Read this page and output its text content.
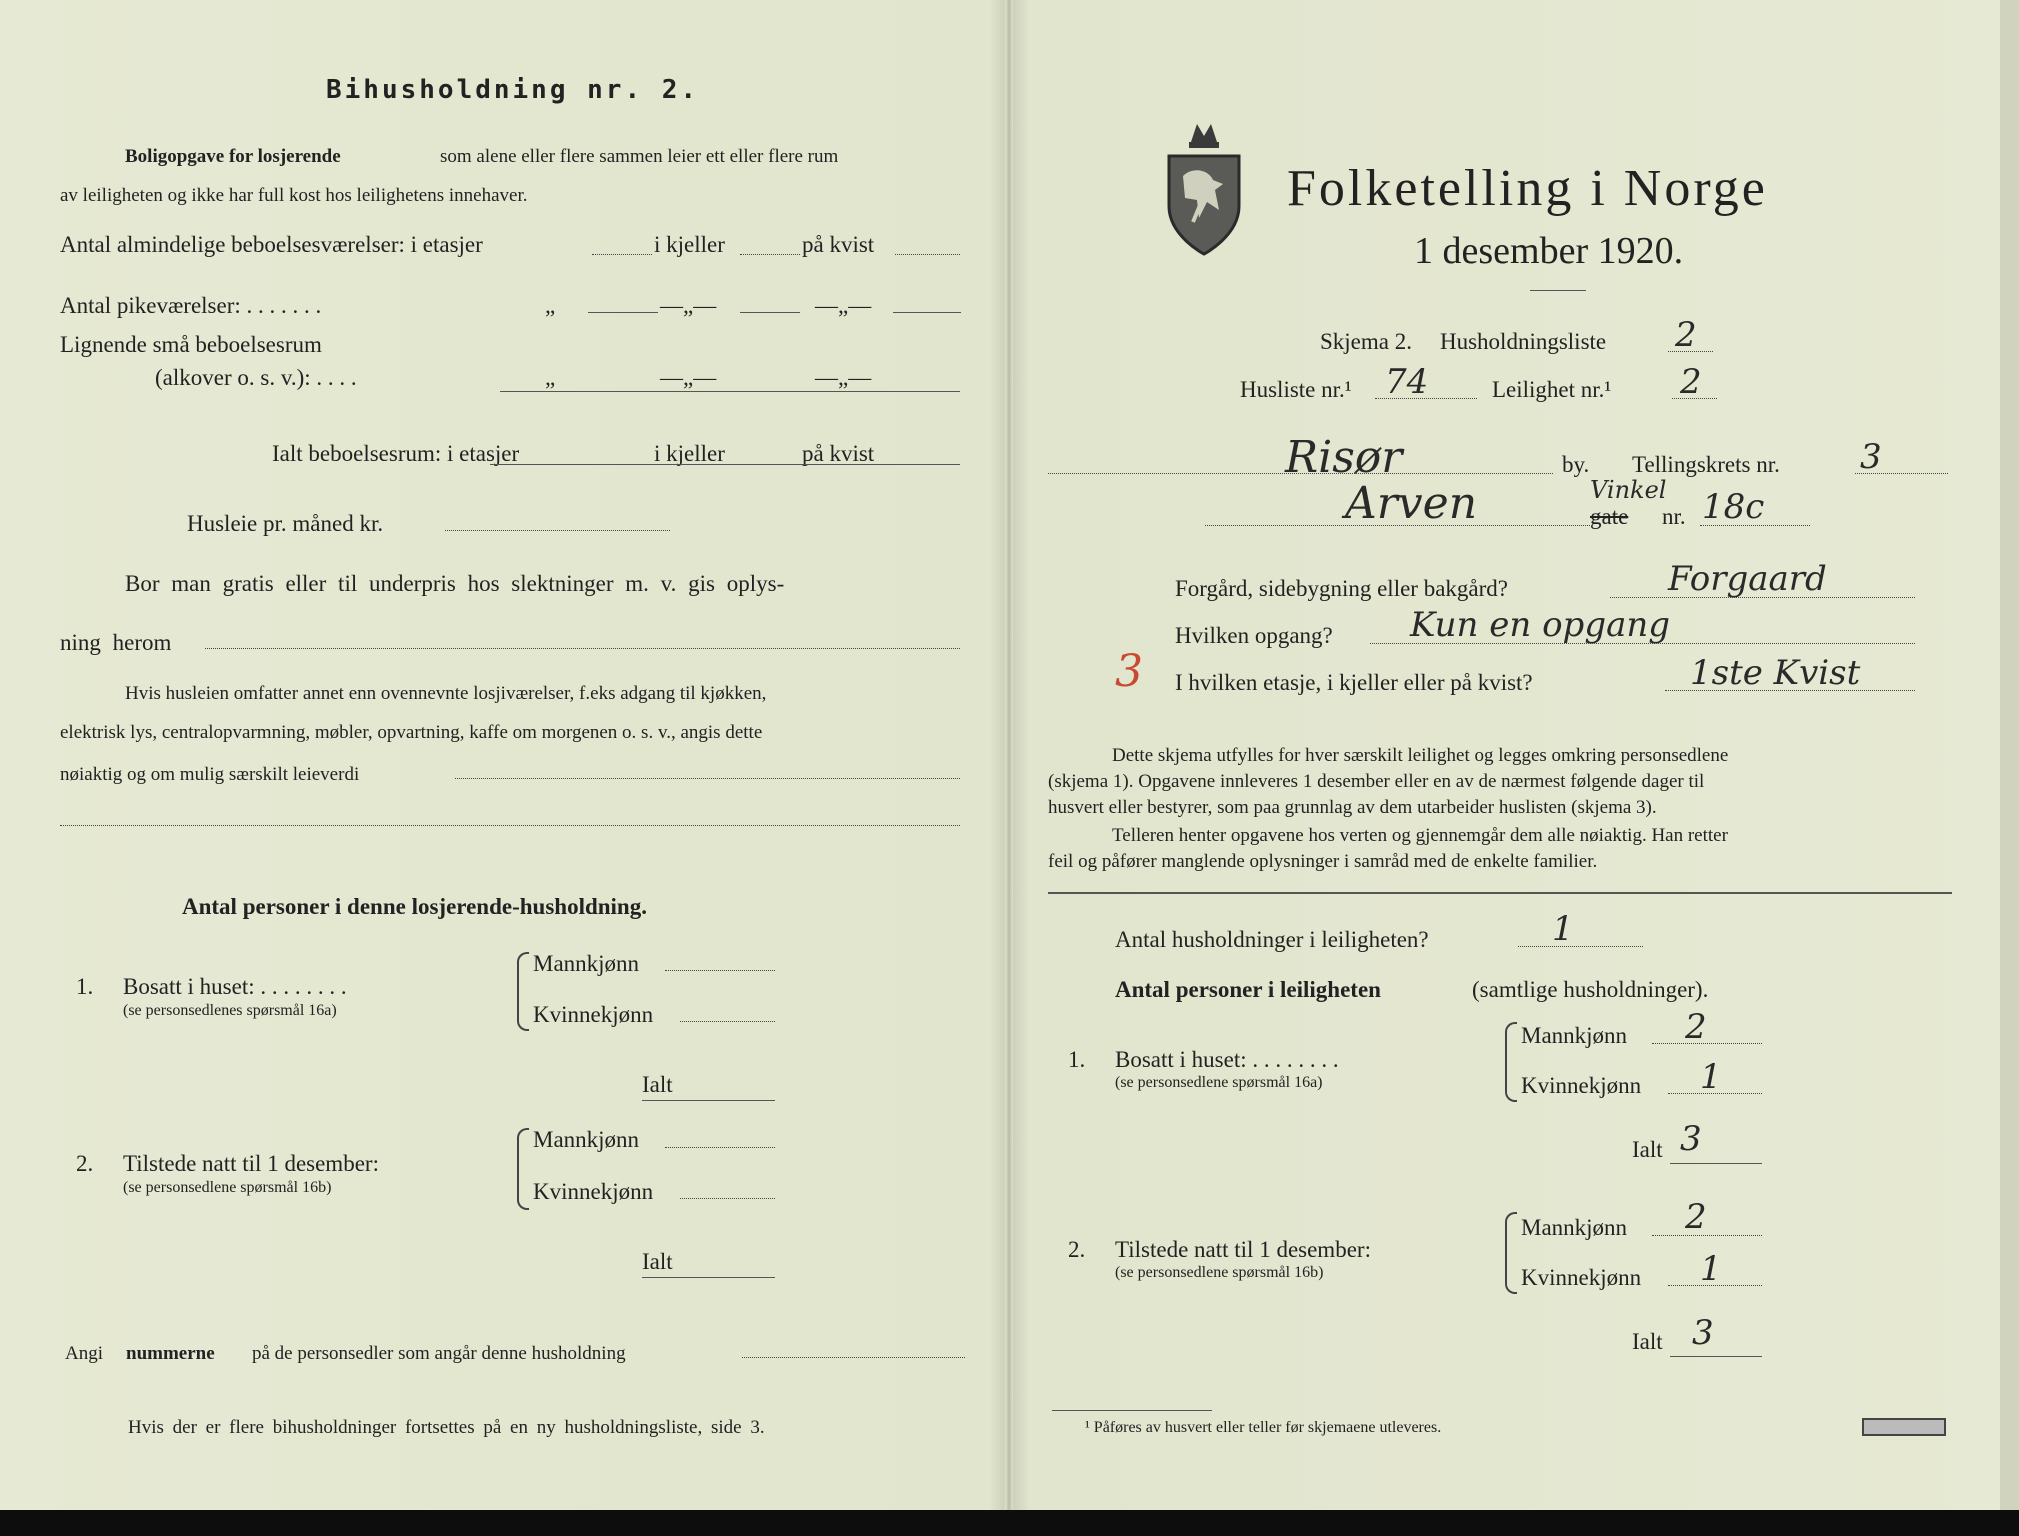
Bihusholdning nr. 2.
Boligopgave for losjerende	som alene eller flere sammen leier ett eller flere rum
av leiligheten og ikke har full kost hos leilighetens innehaver.
Antal almindelige beboelsesværelser: i etasjer	i kjeller	på kvist
Antal pikeværelser: . . . . . . .	„	—„—	—„—
Lignende små beboelsesrum
(alkover o. s. v.): . . . .	„	—„—	—„—
Ialt beboelsesrum: i etasjer	i kjeller	på kvist
Husleie pr. måned kr.
Bor man gratis eller til underpris hos slektninger m. v. gis oplys-
ning herom
Hvis husleien omfatter annet enn ovennevnte losjiværelser, f.eks adgang til kjøkken,
elektrisk lys, centralopvarmning, møbler, opvartning, kaffe om morgenen o. s. v., angis dette
nøiaktig og om mulig særskilt leieverdi
Antal personer i denne losjerende-husholdning.
1. Bosatt i huset: . . . . . . . .
(se personsedlenes spørsmål 16a)
Mannkjønn
Kvinnekjønn
Ialt
2. Tilstede natt til 1 desember:
(se personsedlene spørsmål 16b)
Mannkjønn
Kvinnekjønn
Ialt
Angi nummerne på de personsedler som angår denne husholdning
Hvis der er flere bihusholdninger fortsettes på en ny husholdningsliste, side 3.
Folketelling i Norge
1 desember 1920.
Skjema 2. Husholdningsliste 2
Husliste nr.¹ 74	Leilighet nr.¹ 2
Risør	by. Tellingskrets nr. 3
Arven	Vinkel
gate nr. 18c
Forgård, sidebygning eller bakgård?	Forgaard
Hvilken opgang? Kun en opgang
3 I hvilken etasje, i kjeller eller på kvist?	1ste Kvist
Dette skjema utfylles for hver særskilt leilighet og legges omkring personsedlene
(skjema 1). Opgavene innleveres 1 desember eller en av de nærmest følgende dager til
husvert eller bestyrer, som paa grunnlag av dem utarbeider huslisten (skjema 3).
Telleren henter opgavene hos verten og gjennemgår dem alle nøiaktig. Han retter
feil og påfører manglende oplysninger i samråd med de enkelte familier.
Antal husholdninger i leiligheten?	1
Antal personer i leiligheten	(samtlige husholdninger).
1. Bosatt i huset: . . . . . . . .
(se personsedlene spørsmål 16a)
Mannkjønn 2
Kvinnekjønn 1
Ialt 3
2. Tilstede natt til 1 desember:
(se personsedlene spørsmål 16b)
Mannkjønn 2
Kvinnekjønn 1
Ialt 3
¹ Påføres av husvert eller teller før skjemaene utleveres.
